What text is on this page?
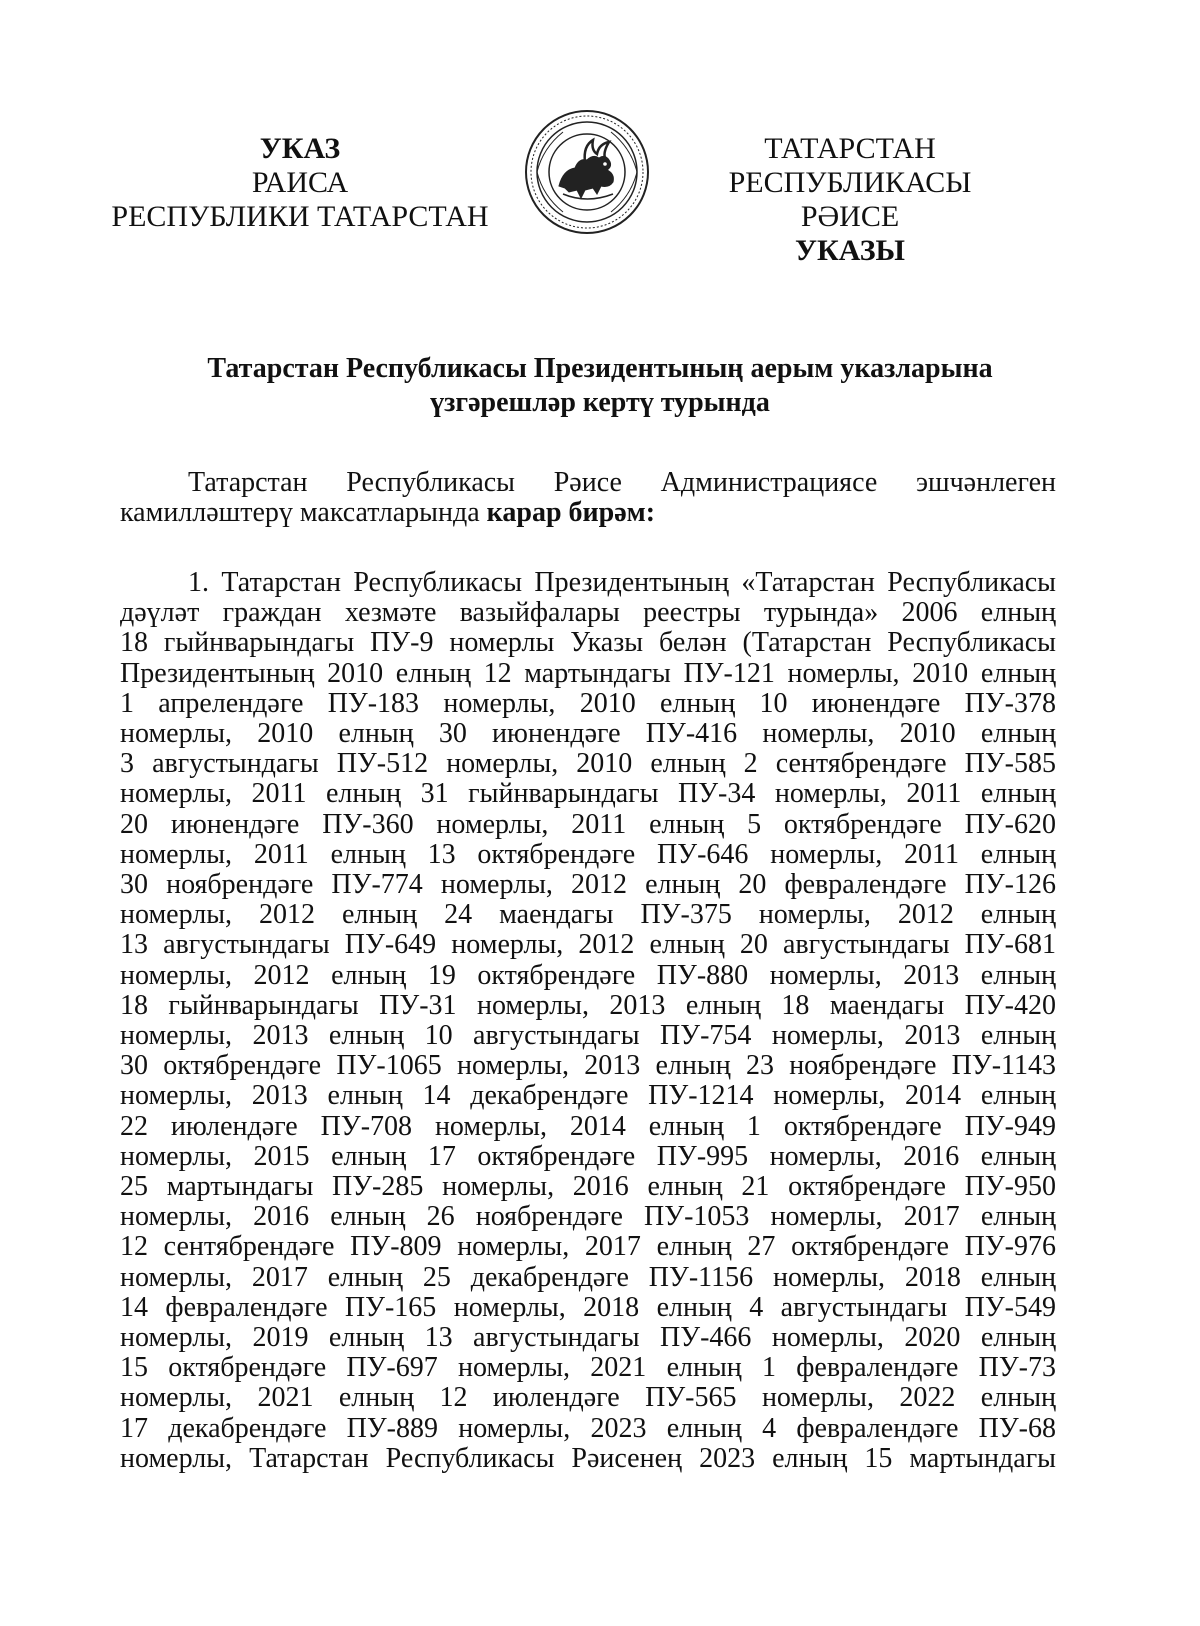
УКАЗ
РАИСА
РЕСПУБЛИКИ ТАТАРСТАН
ТАТАРСТАН РЕСПУБЛИКАСЫ
РӘИСЕ
УКАЗЫ
Татарстан Республикасы Президентының аерым указларына
үзгәрешләр кертү турында
Татарстан Республикасы Рәисе Администрациясе эшчәнлеген
камилләштерү максатларында карар бирәм:
1. Татарстан Республикасы Президентының «Татарстан Республикасы
дәүләт граждан хезмәте вазыйфалары реестры турында» 2006 елның
18 гыйнварындагы ПУ-9 номерлы Указы белән (Татарстан Республикасы
Президентының 2010 елның 12 мартындагы ПУ-121 номерлы, 2010 елның
1 апрелендәге ПУ-183 номерлы, 2010 елның 10 июнендәге ПУ-378
номерлы, 2010 елның 30 июнендәге ПУ-416 номерлы, 2010 елның
3 августындагы ПУ-512 номерлы, 2010 елның 2 сентябрендәге ПУ-585
номерлы, 2011 елның 31 гыйнварындагы ПУ-34 номерлы, 2011 елның
20 июнендәге ПУ-360 номерлы, 2011 елның 5 октябрендәге ПУ-620
номерлы, 2011 елның 13 октябрендәге ПУ-646 номерлы, 2011 елның
30 ноябрендәге ПУ-774 номерлы, 2012 елның 20 февралендәге ПУ-126
номерлы, 2012 елның 24 маендагы ПУ-375 номерлы, 2012 елның
13 августындагы ПУ-649 номерлы, 2012 елның 20 августындагы ПУ-681
номерлы, 2012 елның 19 октябрендәге ПУ-880 номерлы, 2013 елның
18 гыйнварындагы ПУ-31 номерлы, 2013 елның 18 маендагы ПУ-420
номерлы, 2013 елның 10 августындагы ПУ-754 номерлы, 2013 елның
30 октябрендәге ПУ-1065 номерлы, 2013 елның 23 ноябрендәге ПУ-1143
номерлы, 2013 елның 14 декабрендәге ПУ-1214 номерлы, 2014 елның
22 июлендәге ПУ-708 номерлы, 2014 елның 1 октябрендәге ПУ-949
номерлы, 2015 елның 17 октябрендәге ПУ-995 номерлы, 2016 елның
25 мартындагы ПУ-285 номерлы, 2016 елның 21 октябрендәге ПУ-950
номерлы, 2016 елның 26 ноябрендәге ПУ-1053 номерлы, 2017 елның
12 сентябрендәге ПУ-809 номерлы, 2017 елның 27 октябрендәге ПУ-976
номерлы, 2017 елның 25 декабрендәге ПУ-1156 номерлы, 2018 елның
14 февралендәге ПУ-165 номерлы, 2018 елның 4 августындагы ПУ-549
номерлы, 2019 елның 13 августындагы ПУ-466 номерлы, 2020 елның
15 октябрендәге ПУ-697 номерлы, 2021 елның 1 февралендәге ПУ-73
номерлы, 2021 елның 12 июлендәге ПУ-565 номерлы, 2022 елның
17 декабрендәге ПУ-889 номерлы, 2023 елның 4 февралендәге ПУ-68
номерлы, Татарстан Республикасы Рәисенең 2023 елның 15 мартындагы
